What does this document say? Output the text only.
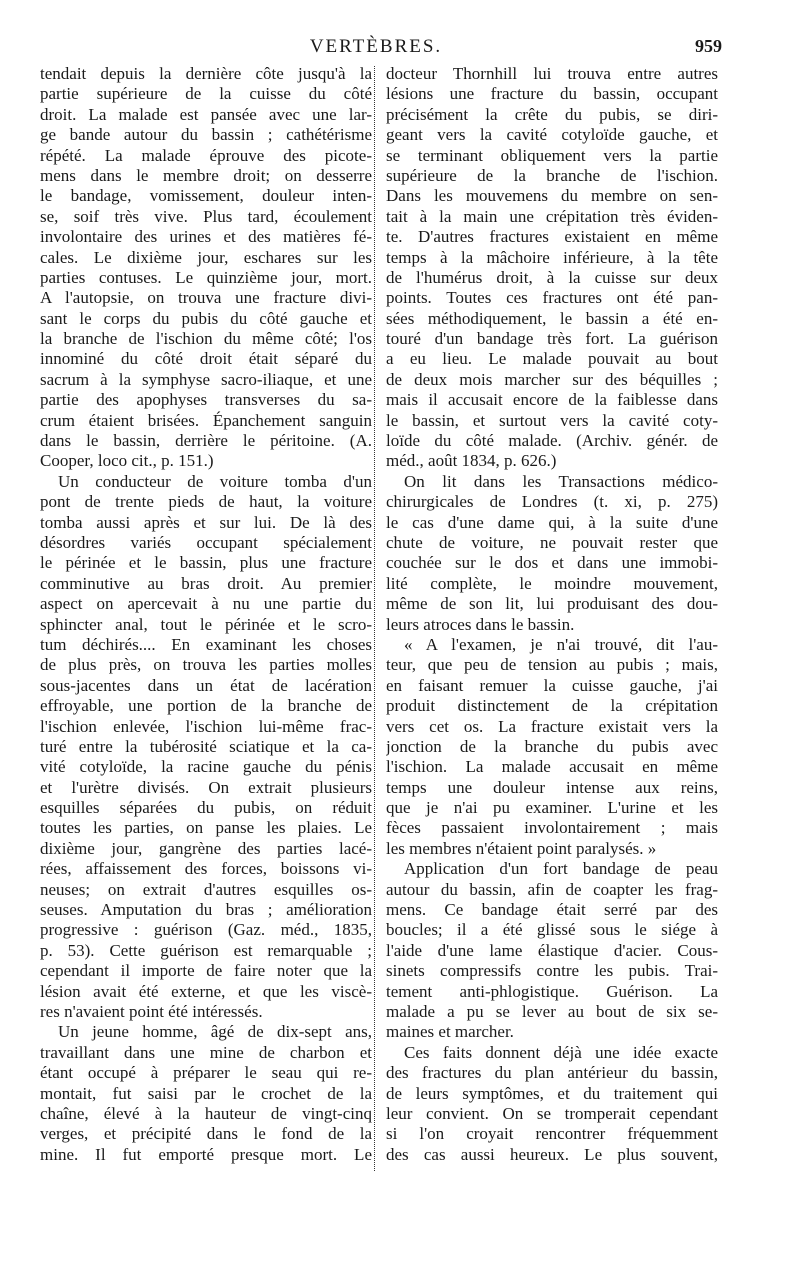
VERTÈBRES.	959
tendait depuis la dernière côte jusqu'à la
partie supérieure de la cuisse du côté
droit. La malade est pansée avec une lar-
ge bande autour du bassin ; cathétérisme
répété. La malade éprouve des picote-
mens dans le membre droit; on desserre
le bandage, vomissement, douleur inten-
se, soif très vive. Plus tard, écoulement
involontaire des urines et des matières fé-
cales. Le dixième jour, eschares sur les
parties contuses. Le quinzième jour, mort.
A l'autopsie, on trouva une fracture divi-
sant le corps du pubis du côté gauche et
la branche de l'ischion du même côté; l'os
innominé du côté droit était séparé du
sacrum à la symphyse sacro-iliaque, et une
partie des apophyses transverses du sa-
crum étaient brisées. Épanchement sanguin
dans le bassin, derrière le péritoine. (A.
Cooper, loco cit., p. 151.)
Un conducteur de voiture tomba d'un
pont de trente pieds de haut, la voiture
tomba aussi après et sur lui. De là des
désordres variés occupant spécialement
le périnée et le bassin, plus une fracture
comminutive au bras droit. Au premier
aspect on apercevait à nu une partie du
sphincter anal, tout le périnée et le scro-
tum déchirés.... En examinant les choses
de plus près, on trouva les parties molles
sous-jacentes dans un état de lacération
effroyable, une portion de la branche de
l'ischion enlevée, l'ischion lui-même frac-
turé entre la tubérosité sciatique et la ca-
vité cotyloïde, la racine gauche du pénis
et l'urètre divisés. On extrait plusieurs
esquilles séparées du pubis, on réduit
toutes les parties, on panse les plaies. Le
dixième jour, gangrène des parties lacé-
rées, affaissement des forces, boissons vi-
neuses; on extrait d'autres esquilles os-
seuses. Amputation du bras ; amélioration
progressive : guérison (Gaz. méd., 1835,
p. 53). Cette guérison est remarquable ;
cependant il importe de faire noter que la
lésion avait été externe, et que les viscè-
res n'avaient point été intéressés.
Un jeune homme, âgé de dix-sept ans,
travaillant dans une mine de charbon et
étant occupé à préparer le seau qui re-
montait, fut saisi par le crochet de la
chaîne, élevé à la hauteur de vingt-cinq
verges, et précipité dans le fond de la
mine. Il fut emporté presque mort. Le
docteur Thornhill lui trouva entre autres
lésions une fracture du bassin, occupant
précisément la crête du pubis, se diri-
geant vers la cavité cotyloïde gauche, et
se terminant obliquement vers la partie
supérieure de la branche de l'ischion.
Dans les mouvemens du membre on sen-
tait à la main une crépitation très éviden-
te. D'autres fractures existaient en même
temps à la mâchoire inférieure, à la tête
de l'humérus droit, à la cuisse sur deux
points. Toutes ces fractures ont été pan-
sées méthodiquement, le bassin a été en-
touré d'un bandage très fort. La guérison
a eu lieu. Le malade pouvait au bout
de deux mois marcher sur des béquilles ;
mais il accusait encore de la faiblesse dans
le bassin, et surtout vers la cavité coty-
loïde du côté malade. (Archiv. génér. de
méd., août 1834, p. 626.)
On lit dans les Transactions médico-
chirurgicales de Londres (t. xi, p. 275)
le cas d'une dame qui, à la suite d'une
chute de voiture, ne pouvait rester que
couchée sur le dos et dans une immobi-
lité complète, le moindre mouvement,
même de son lit, lui produisant des dou-
leurs atroces dans le bassin.
« A l'examen, je n'ai trouvé, dit l'au-
teur, que peu de tension au pubis ; mais,
en faisant remuer la cuisse gauche, j'ai
produit distinctement de la crépitation
vers cet os. La fracture existait vers la
jonction de la branche du pubis avec
l'ischion. La malade accusait en même
temps une douleur intense aux reins,
que je n'ai pu examiner. L'urine et les
fèces passaient involontairement ; mais
les membres n'étaient point paralysés. »
Application d'un fort bandage de peau
autour du bassin, afin de coapter les frag-
mens. Ce bandage était serré par des
boucles; il a été glissé sous le siége à
l'aide d'une lame élastique d'acier. Cous-
sinets compressifs contre les pubis. Trai-
tement anti-phlogistique. Guérison. La
malade a pu se lever au bout de six se-
maines et marcher.
Ces faits donnent déjà une idée exacte
des fractures du plan antérieur du bassin,
de leurs symptômes, et du traitement qui
leur convient. On se tromperait cependant
si l'on croyait rencontrer fréquemment
des cas aussi heureux. Le plus souvent,
